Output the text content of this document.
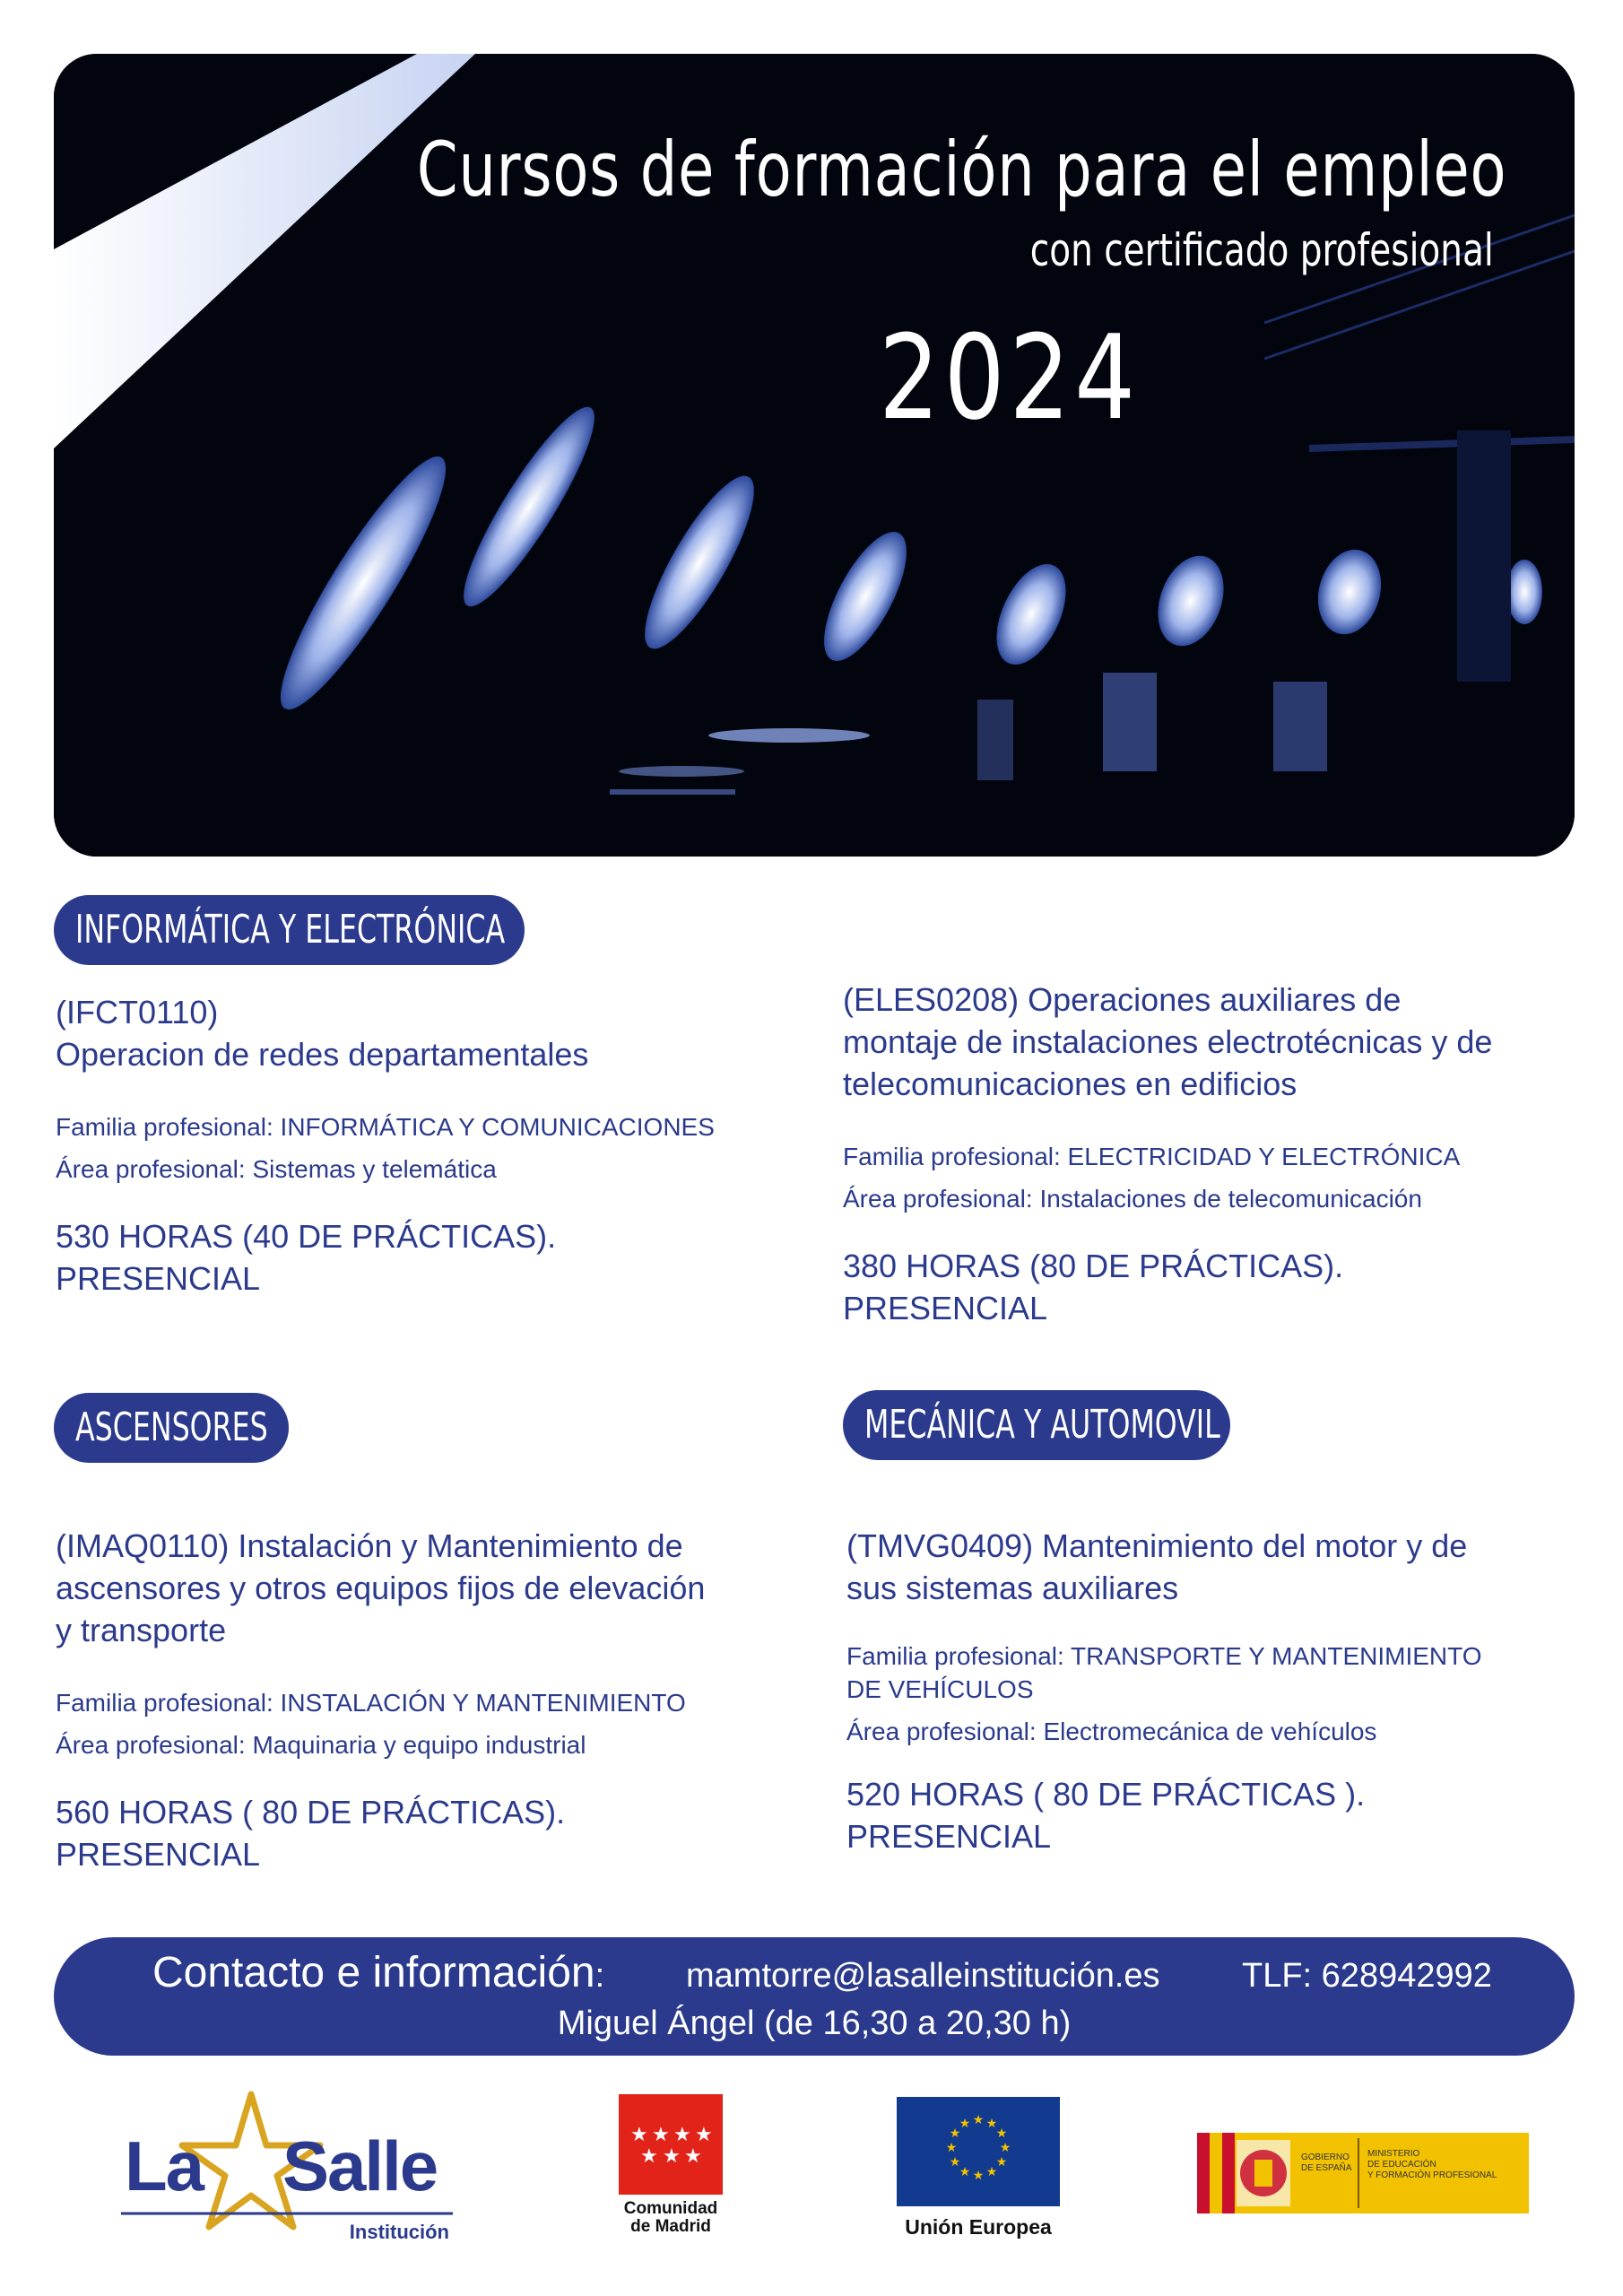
Cursos de formación para el empleo
con certificado profesional
2024
INFORMÁTICA Y ELECTRÓNICA
ASCENSORES	MECÁNICA Y AUTOMOVIL
(IFCT0110)
Operacion de redes departamentales
Familia profesional: INFORMÁTICA Y COMUNICACIONES
Área profesional: Sistemas y telemática
530 HORAS (40 DE PRÁCTICAS).
PRESENCIAL
(ELES0208) Operaciones auxiliares de
montaje de instalaciones electrotécnicas y de
telecomunicaciones en edificios
Familia profesional: ELECTRICIDAD Y ELECTRÓNICA
Área profesional: Instalaciones de telecomunicación
380 HORAS (80 DE PRÁCTICAS).
PRESENCIAL
(IMAQ0110) Instalación y Mantenimiento de
ascensores y otros equipos fijos de elevación
y transporte
Familia profesional: INSTALACIÓN Y MANTENIMIENTO
Área profesional: Maquinaria y equipo industrial
560 HORAS ( 80 DE PRÁCTICAS).
PRESENCIAL
(TMVG0409) Mantenimiento del motor y de
sus sistemas auxiliares
Familia profesional: TRANSPORTE Y MANTENIMIENTO
DE VEHÍCULOS
Área profesional: Electromecánica de vehículos
520 HORAS ( 80 DE PRÁCTICAS ).
PRESENCIAL
Contacto e información: mamtorre@lasalleinstitución.es TLF: 628942992
Miguel Ángel (de 16,30 a 20,30 h)
La Salle
Institución
★ ★ ★ ★
★ ★ ★
Comunidad
de Madrid
★ ★
★
★
★
★
★
★
★
★
★
★
Unión Europea
GOBIERNO
DE ESPAÑA
MINISTERIO
DE EDUCACIÓN
Y FORMACIÓN PROFESIONAL
